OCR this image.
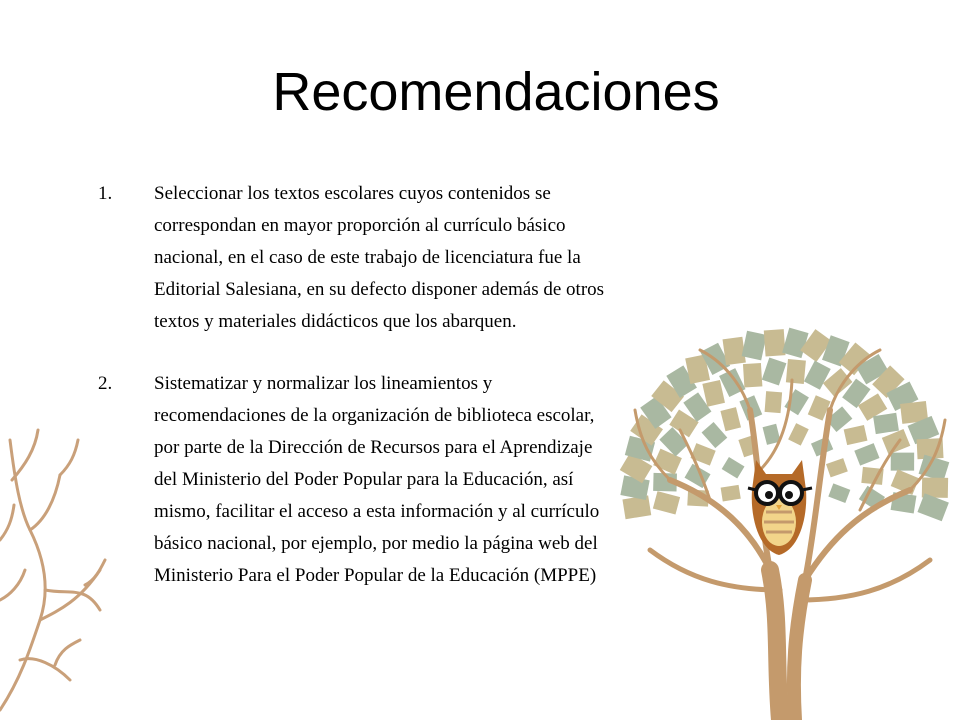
Recomendaciones
1. Seleccionar los textos escolares cuyos contenidos se correspondan en mayor proporción al currículo básico nacional, en el caso de este trabajo de licenciatura fue la Editorial Salesiana, en su defecto disponer además de otros textos y materiales didácticos que los abarquen.
2. Sistematizar y normalizar los lineamientos y recomendaciones de la organización de biblioteca escolar, por parte de la Dirección de Recursos para el Aprendizaje del Ministerio del Poder Popular para la Educación, así mismo, facilitar el acceso a esta información y al currículo básico nacional, por ejemplo, por medio la página web del Ministerio Para el Poder Popular de la Educación (MPPE)
